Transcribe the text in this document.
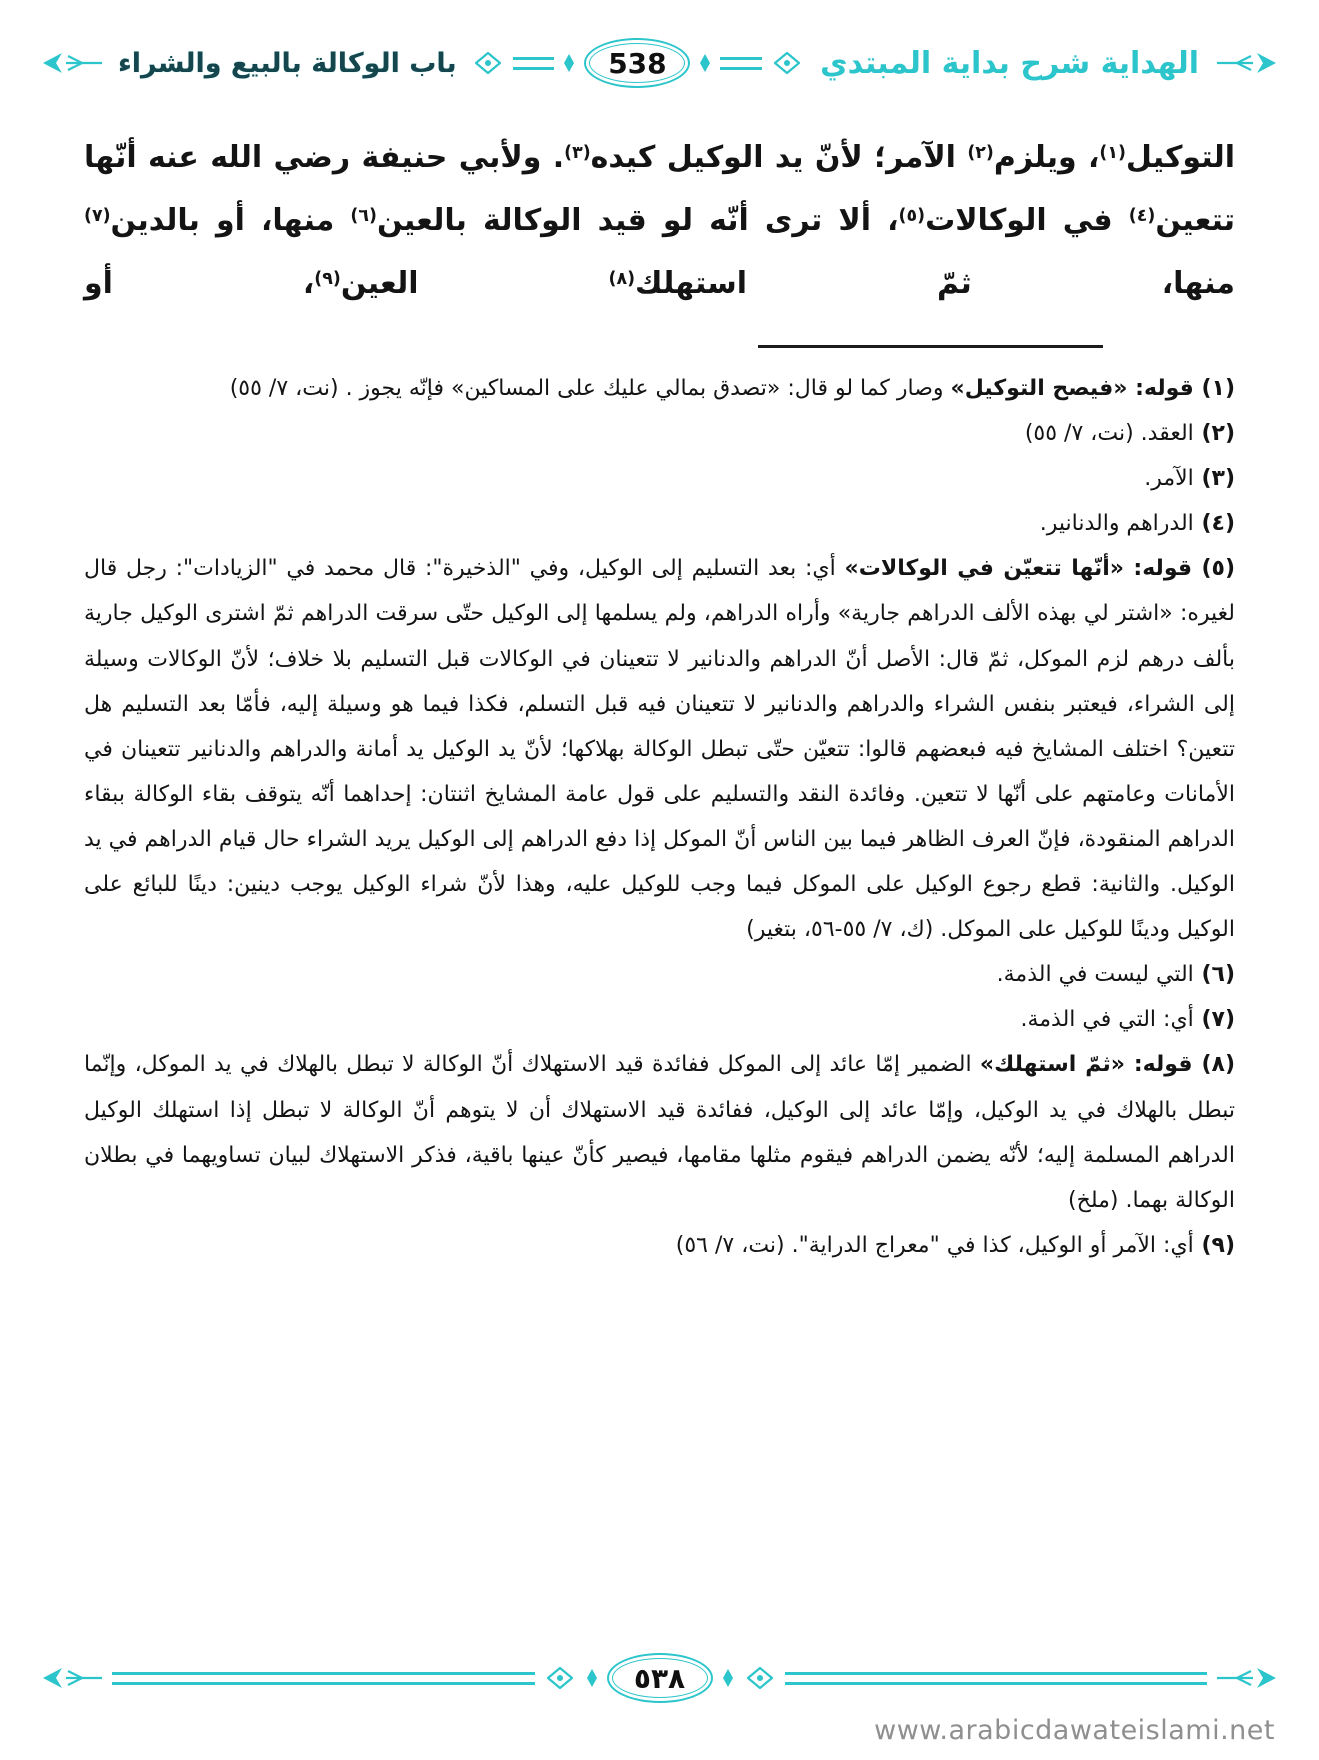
باب الوكالة بالبيع والشراء	538	الهداية شرح بداية المبتدي
التوكيل$^{(١)}$، ويلزم$^{(٢)}$ الآمر؛ لأنّ يد الوكيل كيده$^{(٣)}$. ولأبي حنيفة رضي الله عنه أنّها تتعين$^{(٤)}$ في الوكالات$^{(٥)}$، ألا ترى أنّه لو قيد الوكالة بالعين$^{(٦)}$ منها، أو بالدين$^{(٧)}$ منها، ثمّ استهلك$^{(٨)}$ العين$^{(٩)}$، أو

(١) قوله: «فيصح التوكيل» وصار كما لو قال: «تصدق بمالي عليك على المساكين» فإنّه يجوز . (نت، ٧/ ٥٥)

(٢) العقد. (نت، ٧/ ٥٥)

(٣) الآمر.

(٤) الدراهم والدنانير.

(٥) قوله: «أنّها تتعيّن في الوكالات» أي: بعد التسليم إلى الوكيل، وفي "الذخيرة": قال محمد في "الزيادات": رجل قال لغيره: «اشتر لي بهذه الألف الدراهم جارية» وأراه الدراهم، ولم يسلمها إلى الوكيل حتّى سرقت الدراهم ثمّ اشترى الوكيل جارية بألف درهم لزم الموكل، ثمّ قال: الأصل أنّ الدراهم والدنانير لا تتعينان في الوكالات قبل التسليم بلا خلاف؛ لأنّ الوكالات وسيلة إلى الشراء، فيعتبر بنفس الشراء والدراهم والدنانير لا تتعينان فيه قبل التسلم، فكذا فيما هو وسيلة إليه، فأمّا بعد التسليم هل تتعين؟ اختلف المشايخ فيه فبعضهم قالوا: تتعيّن حتّى تبطل الوكالة بهلاكها؛ لأنّ يد الوكيل يد أمانة والدراهم والدنانير تتعينان في الأمانات وعامتهم على أنّها لا تتعين. وفائدة النقد والتسليم على قول عامة المشايخ اثنتان: إحداهما أنّه يتوقف بقاء الوكالة ببقاء الدراهم المنقودة، فإنّ العرف الظاهر فيما بين الناس أنّ الموكل إذا دفع الدراهم إلى الوكيل يريد الشراء حال قيام الدراهم في يد الوكيل. والثانية: قطع رجوع الوكيل على الموكل فيما وجب للوكيل عليه، وهذا لأنّ شراء الوكيل يوجب دينين: دينًا للبائع على الوكيل ودينًا للوكيل على الموكل. (ك، ٧/ ٥٥-٥٦، بتغير)

(٦) التي ليست في الذمة.

(٧) أي: التي في الذمة.

(٨) قوله: «ثمّ استهلك» الضمير إمّا عائد إلى الموكل ففائدة قيد الاستهلاك أنّ الوكالة لا تبطل بالهلاك في يد الموكل، وإنّما تبطل بالهلاك في يد الوكيل، وإمّا عائد إلى الوكيل، ففائدة قيد الاستهلاك أن لا يتوهم أنّ الوكالة لا تبطل إذا استهلك الوكيل الدراهم المسلمة إليه؛ لأنّه يضمن الدراهم فيقوم مثلها مقامها، فيصير كأنّ عينها باقية، فذكر الاستهلاك لبيان تساويهما في بطلان الوكالة بهما. (ملخ)

(٩) أي: الآمر أو الوكيل، كذا في "معراج الدراية". (نت، ٧/ ٥٦)

٥٣٨
www.arabicdawateislami.net
